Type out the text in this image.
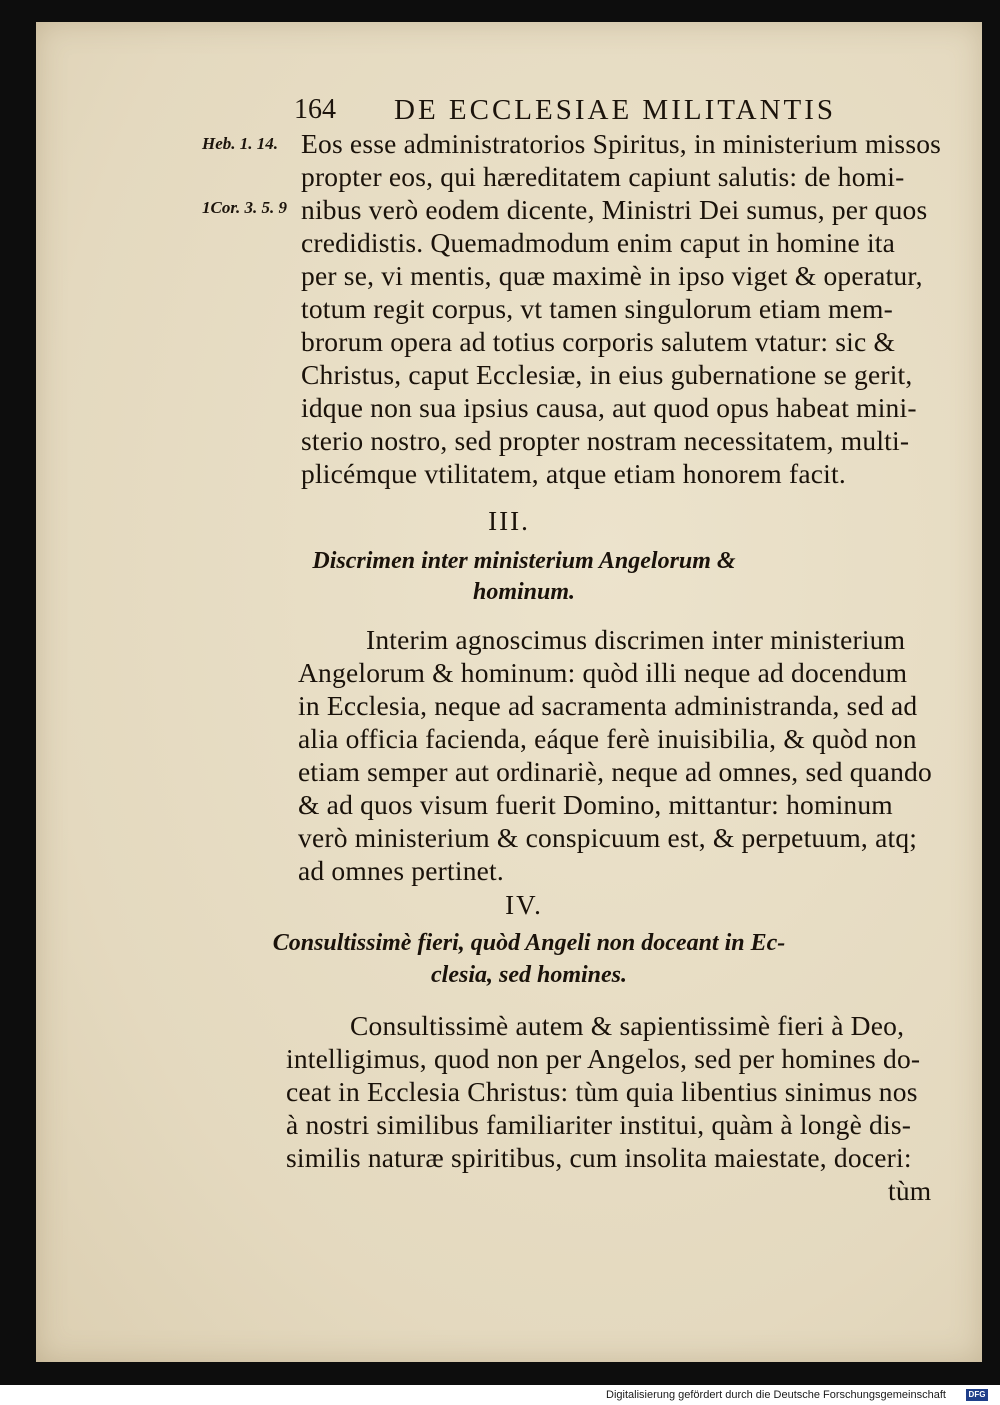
164 DE ECCLESIAE MILITANTIS
Heb. 1. 14.
1Cor. 3. 5. 9
Eos esse administratorios Spiritus, in ministerium missos
propter eos, qui hæreditatem capiunt salutis: de homi-
nibus verò eodem dicente, Ministri Dei sumus, per quos
credidistis. Quemadmodum enim caput in homine ita
per se, vi mentis, quæ maximè in ipso viget & operatur,
totum regit corpus, vt tamen singulorum etiam mem-
brorum opera ad totius corporis salutem vtatur: sic &
Christus, caput Ecclesiæ, in eius gubernatione se gerit,
idque non sua ipsius causa, aut quod opus habeat mini-
sterio nostro, sed propter nostram necessitatem, multi-
plicémque vtilitatem, atque etiam honorem facit.
III.
Discrimen inter ministerium Angelorum &
hominum.
Interim agnoscimus discrimen inter ministerium
Angelorum & hominum: quòd illi neque ad docendum
in Ecclesia, neque ad sacramenta administranda, sed ad
alia officia facienda, eáque ferè inuisibilia, & quòd non
etiam semper aut ordinariè, neque ad omnes, sed quando
& ad quos visum fuerit Domino, mittantur: hominum
verò ministerium & conspicuum est, & perpetuum, atq;
ad omnes pertinet.
IV.
Consultissimè fieri, quòd Angeli non doceant in Ec-
clesia, sed homines.
Consultissimè autem & sapientissimè fieri à Deo,
intelligimus, quod non per Angelos, sed per homines do-
ceat in Ecclesia Christus: tùm quia libentius sinimus nos
à nostri similibus familiariter institui, quàm à longè dis-
similis naturæ spiritibus, cum insolita maiestate, doceri:
tùm
Digitalisierung gefördert durch die Deutsche Forschungsgemeinschaft	DFG
